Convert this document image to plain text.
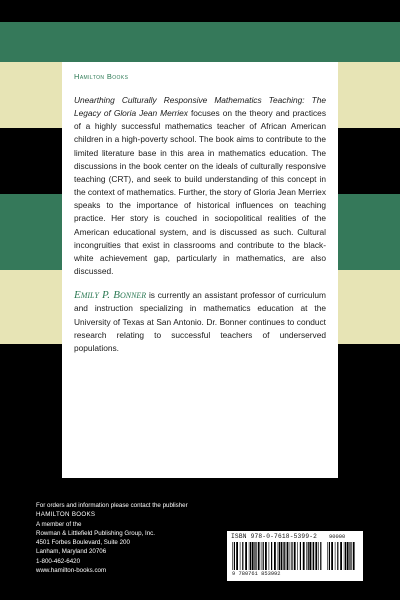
Hamilton Books

Unearthing Culturally Responsive Mathematics Teaching: The Legacy of Gloria Jean Merriex focuses on the theory and practices of a highly successful mathematics teacher of African American children in a high-poverty school. The book aims to contribute to the limited literature base in this area in mathematics education. The discussions in the book center on the ideals of culturally responsive teaching (CRT), and seek to build understanding of this concept in the context of mathematics. Further, the story of Gloria Jean Merriex speaks to the importance of historical influences on teaching practice. Her story is couched in sociopolitical realities of the American educational system, and is discussed as such. Cultural incongruities that exist in classrooms and contribute to the black-white achievement gap, particularly in mathematics, are also discussed.

Emily P. Bonner is currently an assistant professor of curriculum and instruction specializing in mathematics education at the University of Texas at San Antonio. Dr. Bonner continues to conduct research relating to successful teachers of underserved populations.

For orders and information please contact the publisher
HAMILTON BOOKS
A member of the
Rowman & Littlefield Publishing Group, Inc.
4501 Forbes Boulevard, Suite 200
Lanham, Maryland 20706
1-800-462-6420
www.hamilton-books.com
ISBN 978-0-7618-5399-2
9 780761 853992
90000
